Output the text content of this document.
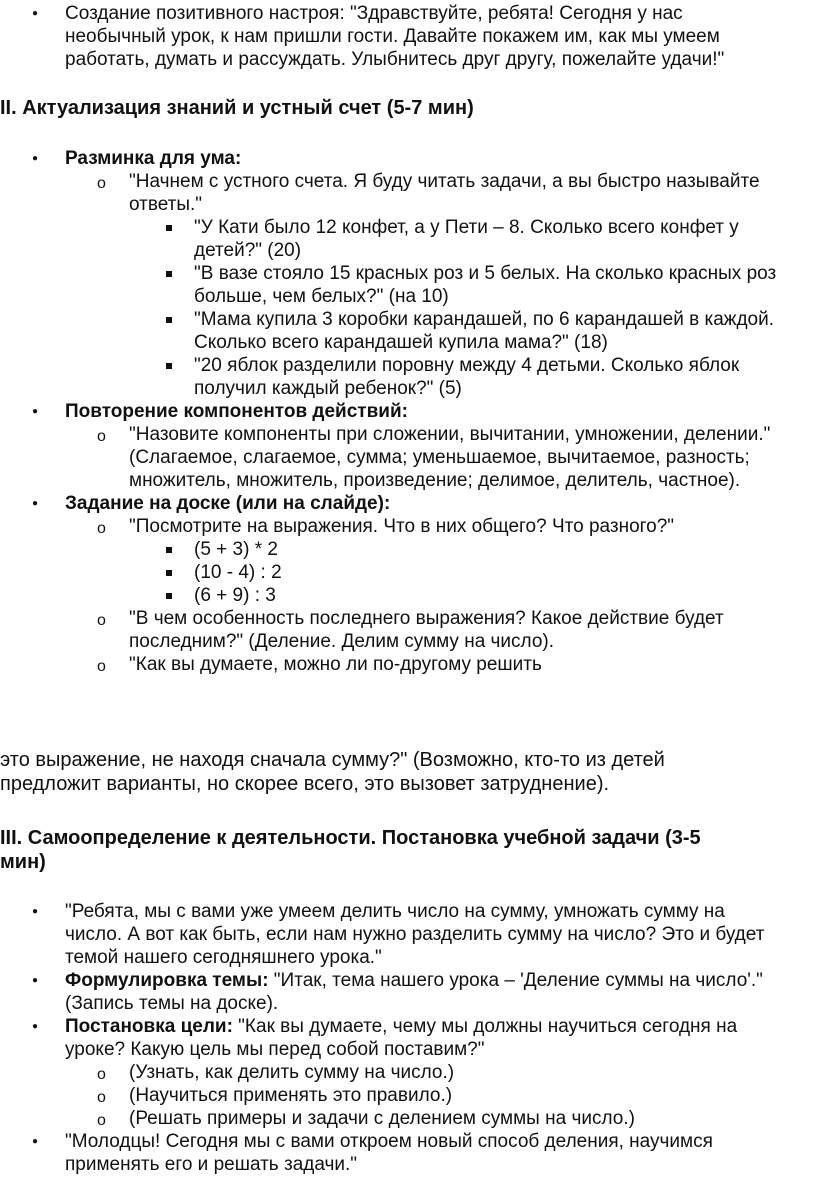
● Создание позитивного настроя: "Здравствуйте, ребята! Сегодня у нас
необычный урок, к нам пришли гости. Давайте покажем им, как мы умеем
работать, думать и рассуждать. Улыбнитесь друг другу, пожелайте удачи!"
II. Актуализация знаний и устный счет (5-7 мин)
● Разминка для ума:
o "Начнем с устного счета. Я буду читать задачи, а вы быстро называйте
ответы."
"У Кати было 12 конфет, а у Пети – 8. Сколько всего конфет у
детей?" (20)
"В вазе стояло 15 красных роз и 5 белых. На сколько красных роз
больше, чем белых?" (на 10)
"Мама купила 3 коробки карандашей, по 6 карандашей в каждой.
Сколько всего карандашей купила мама?" (18)
"20 яблок разделили поровну между 4 детьми. Сколько яблок
получил каждый ребенок?" (5)
● Повторение компонентов действий:
o "Назовите компоненты при сложении, вычитании, умножении, делении."
(Слагаемое, слагаемое, сумма; уменьшаемое, вычитаемое, разность;
множитель, множитель, произведение; делимое, делитель, частное).
● Задание на доске (или на слайде):
o "Посмотрите на выражения. Что в них общего? Что разного?"
(5 + 3) * 2
(10 - 4) : 2
(6 + 9) : 3
o "В чем особенность последнего выражения? Какое действие будет
последним?" (Деление. Делим сумму на число).
o "Как вы думаете, можно ли по-другому решить
это выражение, не находя сначала сумму?" (Возможно, кто-то из детей
предложит варианты, но скорее всего, это вызовет затруднение).
III. Самоопределение к деятельности. Постановка учебной задачи (3-5
мин)
● "Ребята, мы с вами уже умеем делить число на сумму, умножать сумму на
число. А вот как быть, если нам нужно разделить сумму на число? Это и будет
темой нашего сегодняшнего урока."
● Формулировка темы: "Итак, тема нашего урока – 'Деление суммы на число'."
(Запись темы на доске).
● Постановка цели: "Как вы думаете, чему мы должны научиться сегодня на
уроке? Какую цель мы перед собой поставим?"
o (Узнать, как делить сумму на число.)
o (Научиться применять это правило.)
o (Решать примеры и задачи с делением суммы на число.)
● "Молодцы! Сегодня мы с вами откроем новый способ деления, научимся
применять его и решать задачи."
